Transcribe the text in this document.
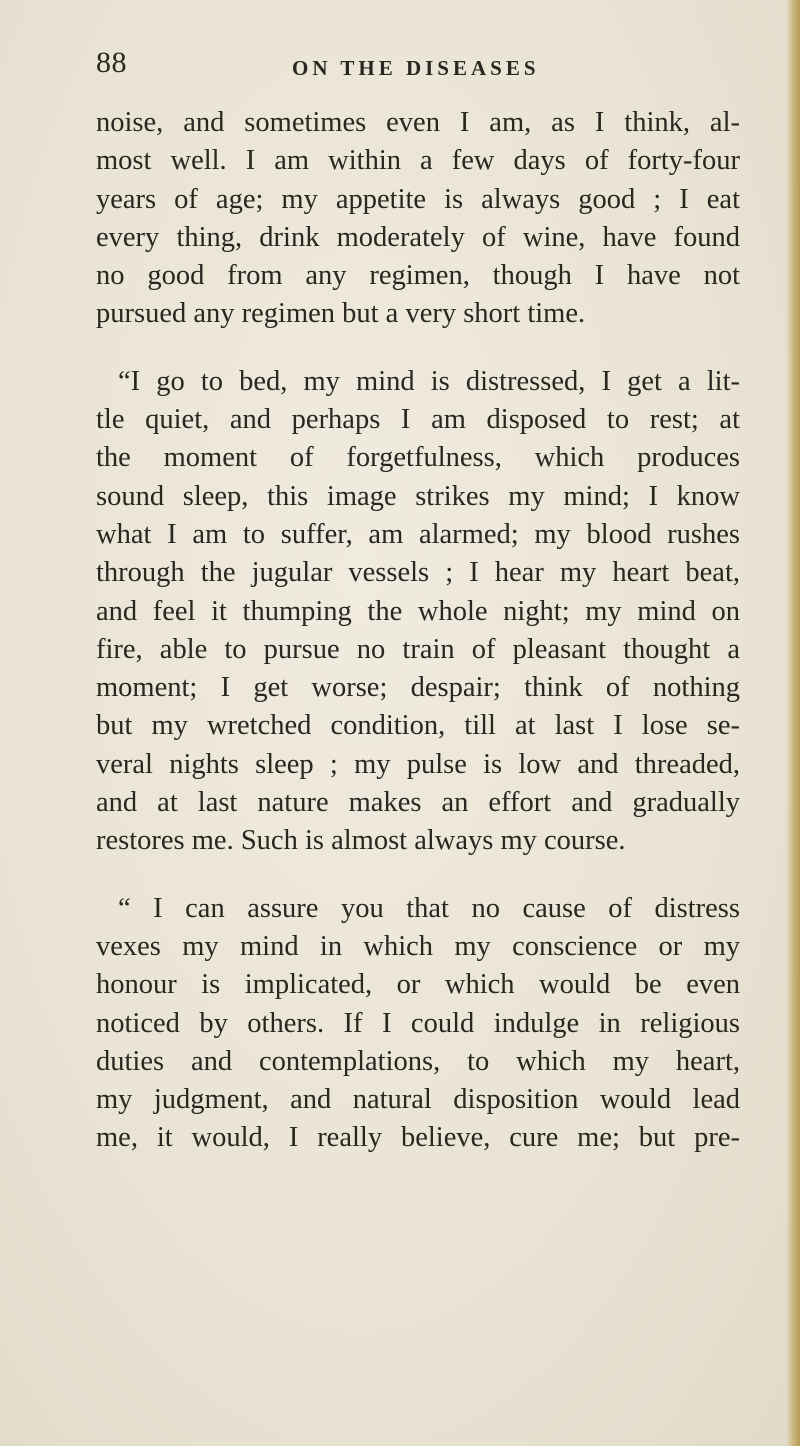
88	ON THE DISEASES
noise, and sometimes even I am, as I think, al-
most well. I am within a few days of forty-four
years of age; my appetite is always good ; I eat
every thing, drink moderately of wine, have found
no good from any regimen, though I have not
pursued any regimen but a very short time.
“I go to bed, my mind is distressed, I get a lit-
tle quiet, and perhaps I am disposed to rest; at
the moment of forgetfulness, which produces
sound sleep, this image strikes my mind; I know
what I am to suffer, am alarmed; my blood rushes
through the jugular vessels ; I hear my heart beat,
and feel it thumping the whole night; my mind on
fire, able to pursue no train of pleasant thought a
moment; I get worse; despair; think of nothing
but my wretched condition, till at last I lose se-
veral nights sleep ; my pulse is low and threaded,
and at last nature makes an effort and gradually
restores me. Such is almost always my course.
“ I can assure you that no cause of distress
vexes my mind in which my conscience or my
honour is implicated, or which would be even
noticed by others. If I could indulge in religious
duties and contemplations, to which my heart,
my judgment, and natural disposition would lead
me, it would, I really believe, cure me; but pre-
